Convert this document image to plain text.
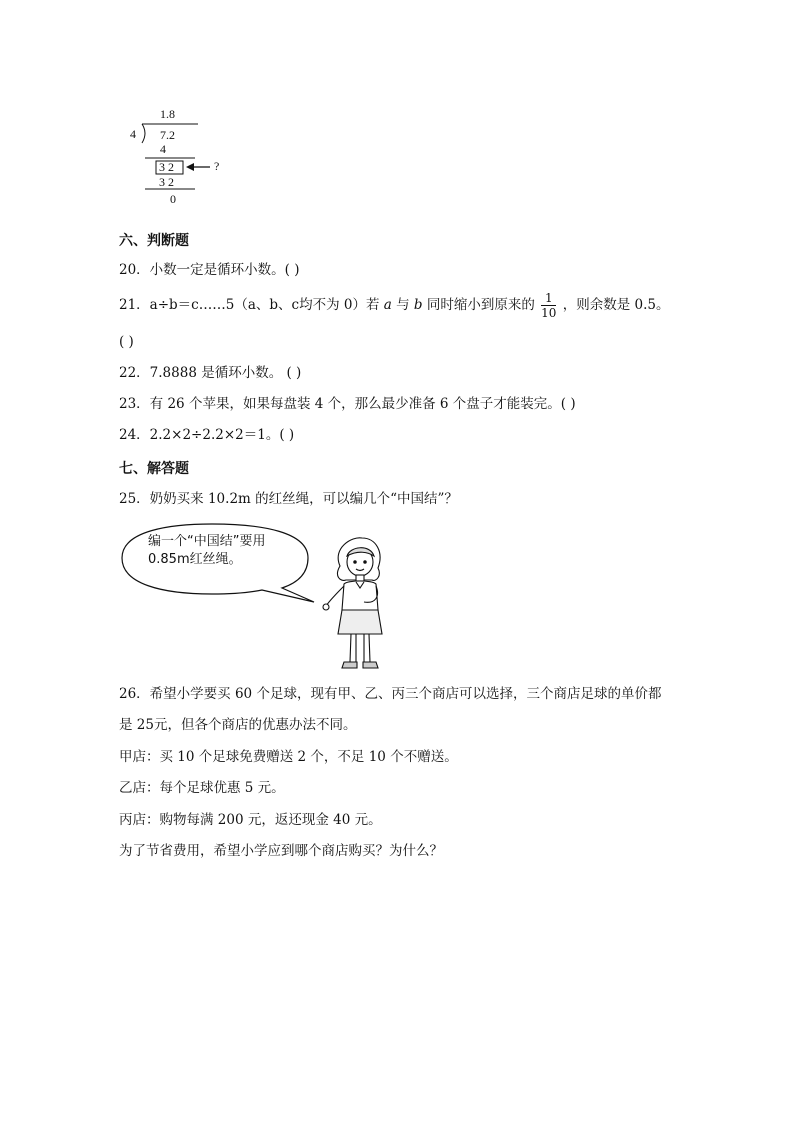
1.8
4 7.2
4
3 2	?
3 2
0
六、判断题
20．小数一定是循环小数。( )
21．a÷b＝c……5（a、b、c均不为 0）若 a 与 b 同时缩小到原来的 $\frac{1}{10}$ ，则余数是 0.5。
( )
22．7.8888 是循环小数。 ( )
23．有 26 个苹果，如果每盘装 4 个，那么最少准备 6 个盘子才能装完。( )
24．2.2×2÷2.2×2＝1。( )
七、解答题
25．奶奶买来 10.2m 的红丝绳，可以编几个“中国结”？
编一个“中国结”要用
0.85m红丝绳。
26．希望小学要买 60 个足球，现有甲、乙、丙三个商店可以选择，三个商店足球的单价都
是 25元，但各个商店的优惠办法不同。
甲店：买 10 个足球免费赠送 2 个，不足 10 个不赠送。
乙店：每个足球优惠 5 元。
丙店：购物每满 200 元，返还现金 40 元。
为了节省费用，希望小学应到哪个商店购买？为什么？
